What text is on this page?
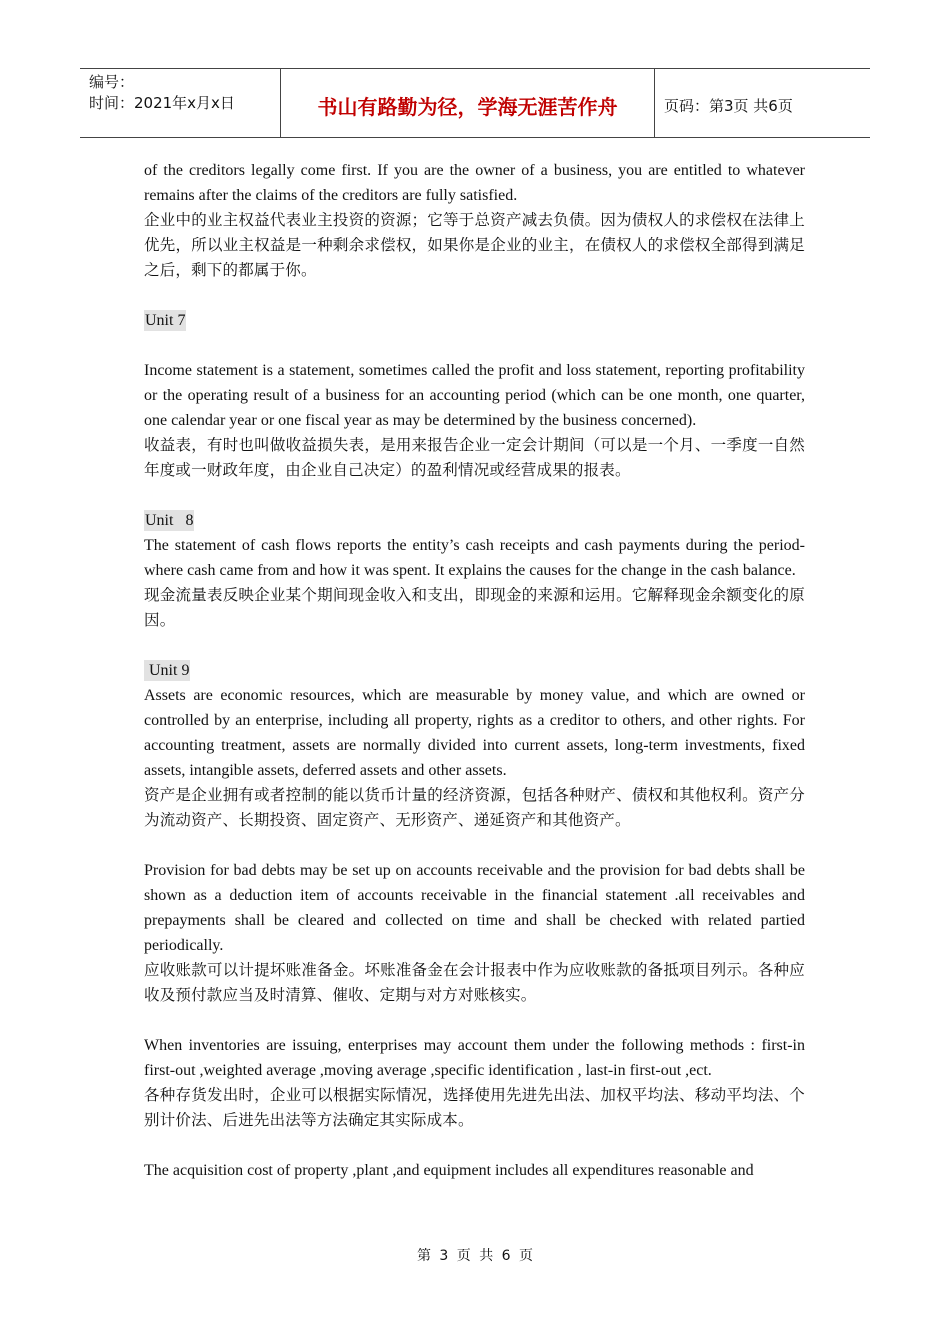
编号：
时间：2021年x月x日	书山有路勤为径，学海无涯苦作舟	页码：第3页 共6页

of the creditors legally come first. If you are the owner of a business, you are entitled to whatever remains after the claims of the creditors are fully satisfied.

企业中的业主权益代表业主投资的资源；它等于总资产减去负债。因为债权人的求偿权在法律上优先，所以业主权益是一种剩余求偿权，如果你是企业的业主，在债权人的求偿权全部得到满足之后，剩下的都属于你。

Unit 7

Income statement is a statement, sometimes called the profit and loss statement, reporting profitability or the operating result of a business for an accounting period (which can be one month, one quarter, one calendar year or one fiscal year as may be determined by the business concerned).

收益表，有时也叫做收益损失表，是用来报告企业一定会计期间（可以是一个月、一季度一自然年度或一财政年度，由企业自己决定）的盈利情况或经营成果的报表。

Unit   8

The statement of cash flows reports the entity’s cash receipts and cash payments during the period-where cash came from and how it was spent. It explains the causes for the change in the cash balance.

现金流量表反映企业某个期间现金收入和支出，即现金的来源和运用。它解释现金余额变化的原因。

Unit 9

Assets are economic resources, which are measurable by money value, and which are owned or controlled by an enterprise, including all property, rights as a creditor to others, and other rights. For accounting treatment, assets are normally divided into current assets, long-term investments, fixed assets, intangible assets, deferred assets and other assets.

资产是企业拥有或者控制的能以货币计量的经济资源，包括各种财产、债权和其他权利。资产分为流动资产、长期投资、固定资产、无形资产、递延资产和其他资产。

Provision for bad debts may be set up on accounts receivable and the provision for bad debts shall be shown as a deduction item of accounts receivable in the financial statement .all receivables and prepayments shall be cleared and collected on time and shall be checked with related partied periodically.

应收账款可以计提坏账准备金。坏账准备金在会计报表中作为应收账款的备抵项目列示。各种应收及预付款应当及时清算、催收、定期与对方对账核实。

When inventories are issuing, enterprises may account them under the following methods : first-in first-out ,weighted average ,moving average ,specific identification , last-in first-out ,ect.

各种存货发出时，企业可以根据实际情况，选择使用先进先出法、加权平均法、移动平均法、个别计价法、后进先出法等方法确定其实际成本。

The acquisition cost of property ,plant ,and equipment includes all expenditures reasonable and

第 3 页 共 6 页
